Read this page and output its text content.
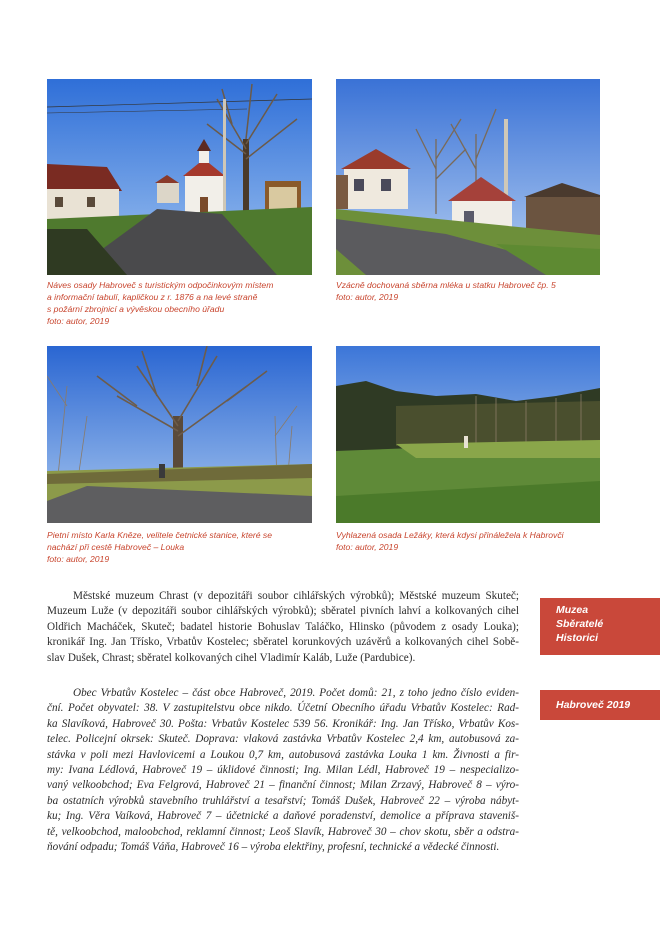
Náves osady Habroveč s turistickým odpočinkovým místem
a informační tabulí, kapličkou z r. 1876 a na levé straně
s požární zbrojnicí a vývěskou obecního úřadu
foto: autor, 2019
Vzácně dochovaná sběrna mléka u statku Habroveč čp. 5
foto: autor, 2019
Pietní místo Karla Kněze, velitele četnické stanice, které se
nachází při cestě Habroveč – Louka
foto: autor, 2019
Vyhlazená osada Ležáky, která kdysi přináležela k Habrovči
foto: autor, 2019
Městské muzeum Chrast (v depozitáři soubor cihlářských výrobků); Městské muzeum Skuteč;
Muzeum Luže (v depozitáři soubor cihlářských výrobků); sběratel pivních lahví a kolkovaných cihel
Oldřich Macháček, Skuteč; badatel historie Bohuslav Taláčko, Hlinsko (původem z osady Louka);
kronikář Ing. Jan Třísko, Vrbatův Kostelec; sběratel korunkových uzávěrů a kolkovaných cihel Sobě-
slav Dušek, Chrast; sběratel kolkovaných cihel Vladimír Kaláb, Luže (Pardubice).
Obec Vrbatův Kostelec – část obce Habroveč, 2019. Počet domů: 21, z toho jedno číslo eviden-
ční. Počet obyvatel: 38. V zastupitelstvu obce nikdo. Účetní Obecního úřadu Vrbatův Kostelec: Rad-
ka Slavíková, Habroveč 30. Pošta: Vrbatův Kostelec 539 56. Kronikář: Ing. Jan Třísko, Vrbatův Kos-
telec. Policejní okrsek: Skuteč. Doprava: vlaková zastávka Vrbatův Kostelec 2,4 km, autobusová za-
stávka v poli mezi Havlovicemi a Loukou 0,7 km, autobusová zastávka Louka 1 km. Živnosti a fir-
my: Ivana Lédlová, Habroveč 19 – úklidové činnosti; Ing. Milan Lédl, Habroveč 19 – nespecializo-
vaný velkoobchod; Eva Felgrová, Habroveč 21 – finanční činnost; Milan Zrzavý, Habroveč 8 – výro-
ba ostatních výrobků stavebního truhlářství a tesařství; Tomáš Dušek, Habroveč 22 – výroba nábyt-
ku; Ing. Věra Vaíková, Habroveč 7 – účetnické a daňové poradenství, demolice a příprava staveniš-
tě, velkoobchod, maloobchod, reklamní činnost; Leoš Slavík, Habroveč 30 – chov skotu, sběr a odstra-
ňování odpadu; Tomáš Váňa, Habroveč 16 – výroba elektřiny, profesní, technické a vědecké činnosti.
Muzea
Sběratelé
Historici
Habroveč 2019
